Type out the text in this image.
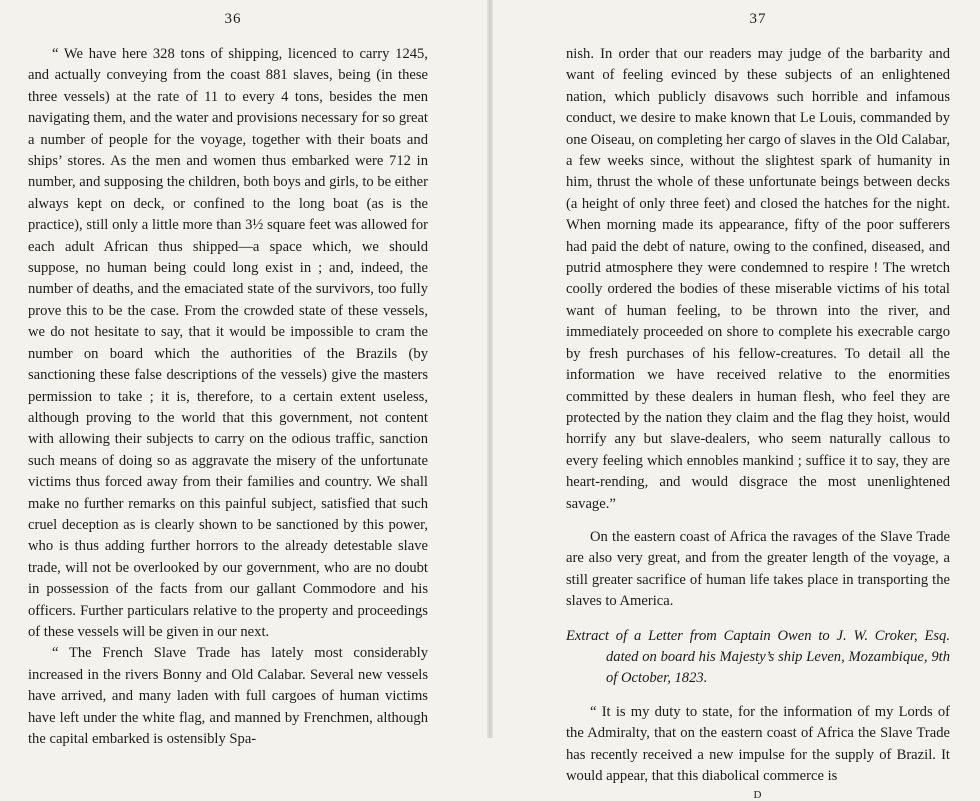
36

“ We have here 328 tons of shipping, licenced to carry 1245, and actually conveying from the coast 881 slaves, being (in these three vessels) at the rate of 11 to every 4 tons, besides the men navigating them, and the water and provisions necessary for so great a number of people for the voyage, together with their boats and ships’ stores. As the men and women thus embarked were 712 in number, and supposing the children, both boys and girls, to be either always kept on deck, or confined to the long boat (as is the practice), still only a little more than 3½ square feet was allowed for each adult African thus shipped—a space which, we should suppose, no human being could long exist in ; and, indeed, the number of deaths, and the emaciated state of the survivors, too fully prove this to be the case. From the crowded state of these vessels, we do not hesitate to say, that it would be impossible to cram the number on board which the authorities of the Brazils (by sanctioning these false descriptions of the vessels) give the masters permission to take ; it is, therefore, to a certain extent useless, although proving to the world that this government, not content with allowing their subjects to carry on the odious traffic, sanction such means of doing so as aggravate the misery of the unfortunate victims thus forced away from their families and country. We shall make no further remarks on this painful subject, satisfied that such cruel deception as is clearly shown to be sanctioned by this power, who is thus adding further horrors to the already detestable slave trade, will not be overlooked by our government, who are no doubt in possession of the facts from our gallant Commodore and his officers. Further particulars relative to the property and proceedings of these vessels will be given in our next.

“ The French Slave Trade has lately most considerably increased in the rivers Bonny and Old Calabar. Several new vessels have arrived, and many laden with full cargoes of human victims have left under the white flag, and manned by Frenchmen, although the capital embarked is ostensibly Spa-

37

nish. In order that our readers may judge of the barbarity and want of feeling evinced by these subjects of an enlightened nation, which publicly disavows such horrible and infamous conduct, we desire to make known that Le Louis, commanded by one Oiseau, on completing her cargo of slaves in the Old Calabar, a few weeks since, without the slightest spark of humanity in him, thrust the whole of these unfortunate beings between decks (a height of only three feet) and closed the hatches for the night. When morning made its appearance, fifty of the poor sufferers had paid the debt of nature, owing to the confined, diseased, and putrid atmosphere they were condemned to respire ! The wretch coolly ordered the bodies of these miserable victims of his total want of human feeling, to be thrown into the river, and immediately proceeded on shore to complete his execrable cargo by fresh purchases of his fellow-creatures. To detail all the information we have received relative to the enormities committed by these dealers in human flesh, who feel they are protected by the nation they claim and the flag they hoist, would horrify any but slave-dealers, who seem naturally callous to every feeling which ennobles mankind ; suffice it to say, they are heart-rending, and would disgrace the most unenlightened savage.”

On the eastern coast of Africa the ravages of the Slave Trade are also very great, and from the greater length of the voyage, a still greater sacrifice of human life takes place in transporting the slaves to America.

Extract of a Letter from Captain Owen to J. W. Croker, Esq. dated on board his Majesty’s ship Leven, Mozambique, 9th of October, 1823.

“ It is my duty to state, for the information of my Lords of the Admiralty, that on the eastern coast of Africa the Slave Trade has recently received a new impulse for the supply of Brazil. It would appear, that this diabolical commerce is

D
